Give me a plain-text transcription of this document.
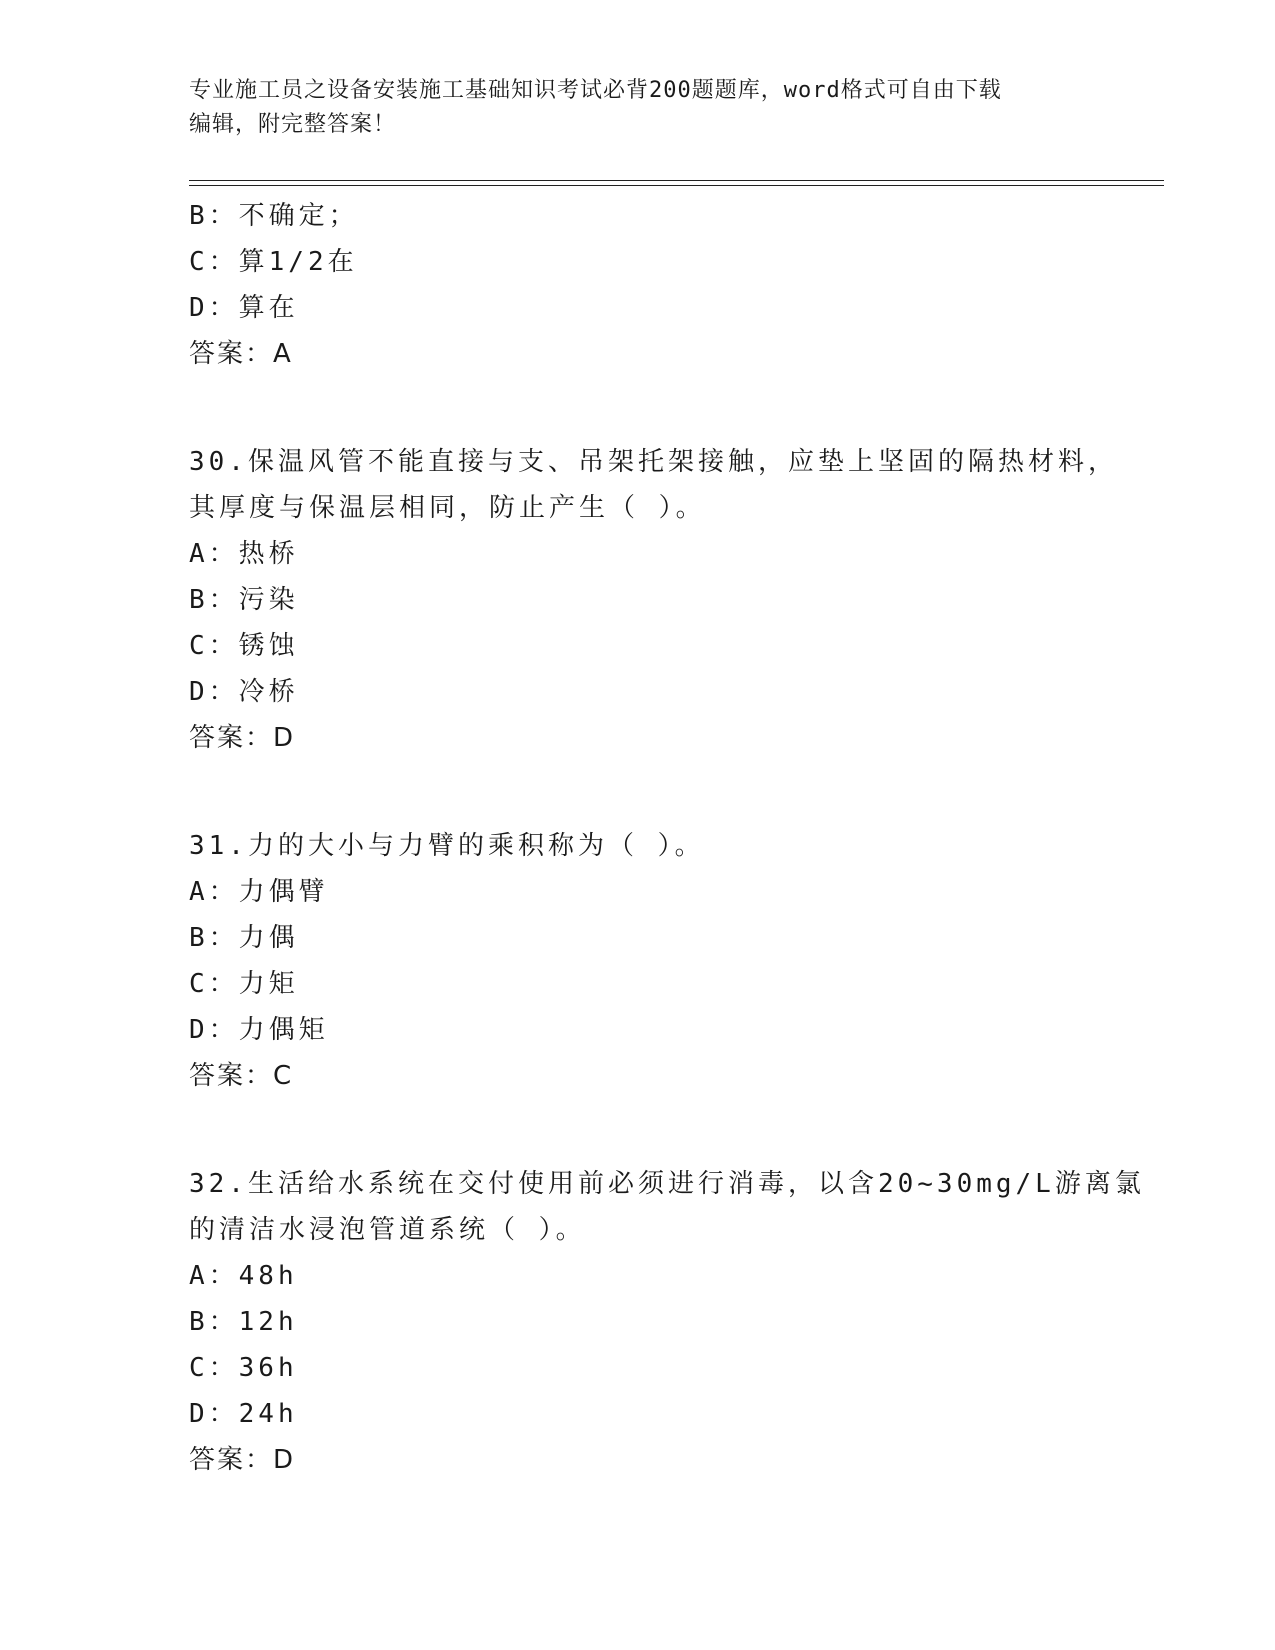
专业施工员之设备安装施工基础知识考试必背200题题库，word格式可自由下载
编辑，附完整答案！
B：不确定；
C：算1/2在
D：算在
答案：A
30.保温风管不能直接与支、吊架托架接触，应垫上坚固的隔热材料，
其厚度与保温层相同，防止产生（ ）。
A：热桥
B：污染
C：锈蚀
D：冷桥
答案：D
31.力的大小与力臂的乘积称为（ ）。
A：力偶臂
B：力偶
C：力矩
D：力偶矩
答案：C
32.生活给水系统在交付使用前必须进行消毒，以含20~30mg/L游离氯
的清洁水浸泡管道系统（ ）。
A：48h
B：12h
C：36h
D：24h
答案：D
